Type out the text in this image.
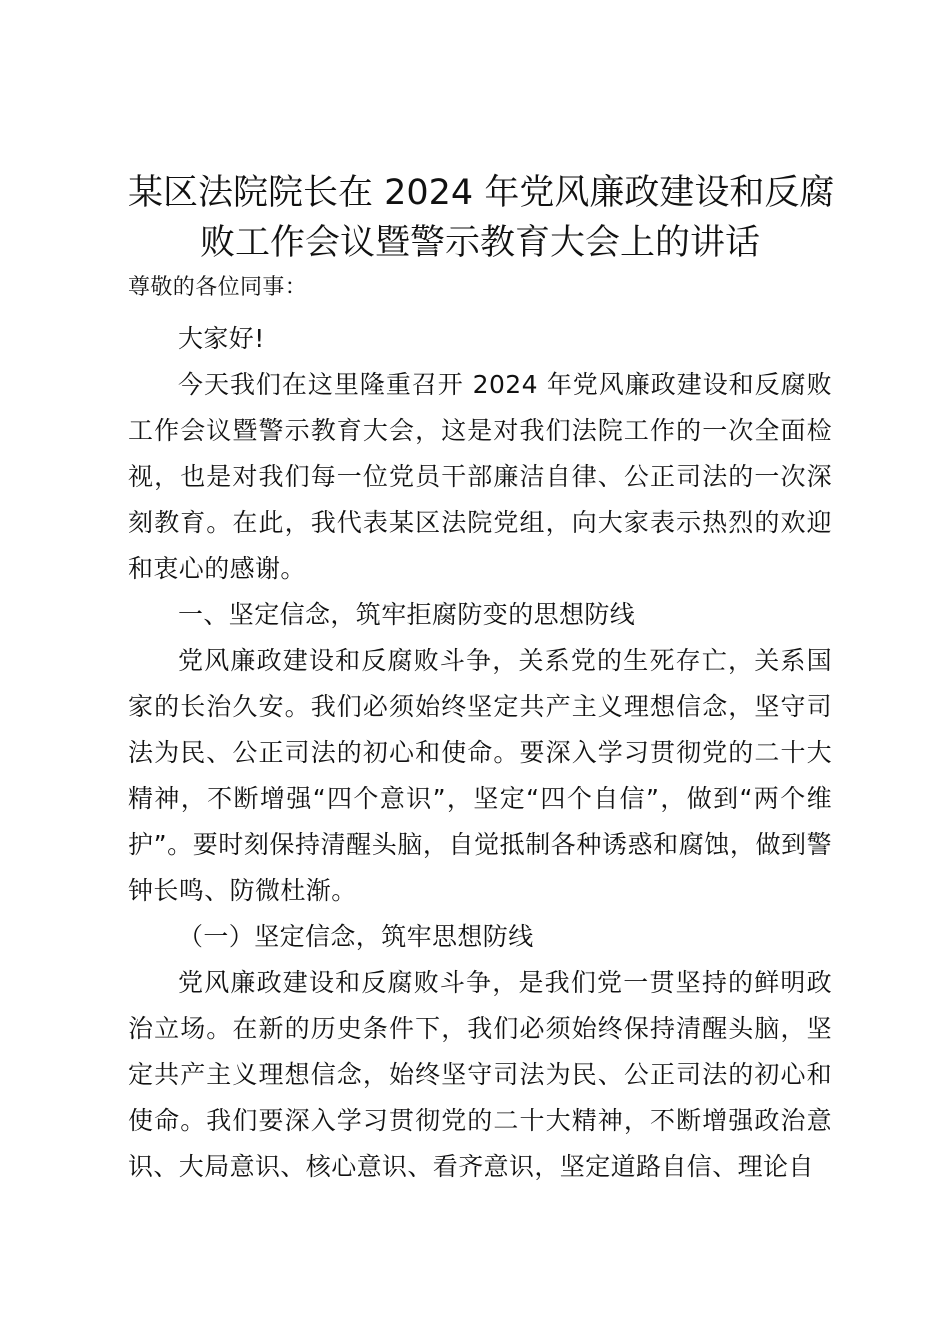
某区法院院长在 2024 年党风廉政建设和反腐
败工作会议暨警示教育大会上的讲话

尊敬的各位同事：

大家好!

今天我们在这里隆重召开 2024 年党风廉政建设和反腐败工作会议暨警示教育大会，这是对我们法院工作的一次全面检视，也是对我们每一位党员干部廉洁自律、公正司法的一次深刻教育。在此，我代表某区法院党组，向大家表示热烈的欢迎和衷心的感谢。

一、坚定信念，筑牢拒腐防变的思想防线

党风廉政建设和反腐败斗争，关系党的生死存亡，关系国家的长治久安。我们必须始终坚定共产主义理想信念，坚守司法为民、公正司法的初心和使命。要深入学习贯彻党的二十大精神，不断增强“四个意识”，坚定“四个自信”，做到“两个维护”。要时刻保持清醒头脑，自觉抵制各种诱惑和腐蚀，做到警钟长鸣、防微杜渐。

（一）坚定信念，筑牢思想防线

党风廉政建设和反腐败斗争，是我们党一贯坚持的鲜明政治立场。在新的历史条件下，我们必须始终保持清醒头脑，坚定共产主义理想信念，始终坚守司法为民、公正司法的初心和使命。我们要深入学习贯彻党的二十大精神，不断增强政治意识、大局意识、核心意识、看齐意识，坚定道路自信、理论自
